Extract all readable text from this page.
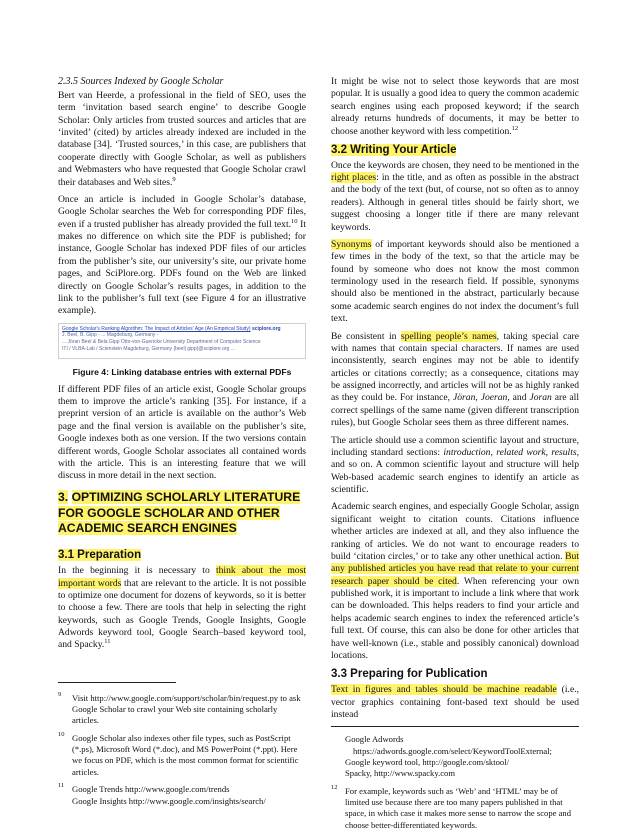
2.3.5 Sources Indexed by Google Scholar

Bert van Heerde, a professional in the field of SEO, uses the term ‘invitation based search engine’ to describe Google Scholar: Only articles from trusted sources and articles that are ‘invited’ (cited) by articles already indexed are included in the database [34]. ‘Trusted sources,’ in this case, are publishers that cooperate directly with Google Scholar, as well as publishers and Webmasters who have requested that Google Scholar crawl their databases and Web sites.$^9$

Once an article is included in Google Scholar’s database, Google Scholar searches the Web for corresponding PDF files, even if a trusted publisher has already provided the full text.$^{10}$ It makes no difference on which site the PDF is published; for instance, Google Scholar has indexed PDF files of our articles from the publisher’s site, our university’s site, our private home pages, and SciPlore.org. PDFs found on the Web are linked directly on Google Scholar’s results pages, in addition to the link to the publisher’s full text (see Figure 4 for an illustrative example).

Google Scholar's Ranking Algorithm: The Impact of Articles' Age (An Empirical Study) sciplore.org
J. Beel, B. Gipp - ... Magdeburg, Germany -
... Jöran Beel & Bela Gipp Otto-von-Guericke University Department of Computer Science
ITI / VLBA-Lab / Scienstein Magdeburg, Germany {beel| gipp}@sciplore.org ...
Figure 4: Linking database entries with external PDFs

If different PDF files of an article exist, Google Scholar groups them to improve the article’s ranking [35]. For instance, if a preprint version of an article is available on the author’s Web page and the final version is available on the publisher’s site, Google indexes both as one version. If the two versions contain different words, Google Scholar associates all contained words with the article. This is an interesting feature that we will discuss in more detail in the next section.

3. OPTIMIZING SCHOLARLY LITERATURE FOR GOOGLE SCHOLAR AND OTHER ACADEMIC SEARCH ENGINES
3.1 Preparation

In the beginning it is necessary to think about the most important words that are relevant to the article. It is not possible to optimize one document for dozens of keywords, so it is better to choose a few. There are tools that help in selecting the right keywords, such as Google Trends, Google Insights, Google Adwords keyword tool, Google Search–based keyword tool, and Spacky.$^{11}$

9 Visit http://www.google.com/support/scholar/bin/request.py to ask Google Scholar to crawl your Web site containing scholarly articles.
10 Google Scholar also indexes other file types, such as PostScript (*.ps), Microsoft Word (*.doc), and MS PowerPoint (*.ppt). Here we focus on PDF, which is the most common format for scientific articles.
11 Google Trends http://www.google.com/trends
Google Insights http://www.google.com/insights/search/

It might be wise not to select those keywords that are most popular. It is usually a good idea to query the common academic search engines using each proposed keyword; if the search already returns hundreds of documents, it may be better to choose another keyword with less competition.$^{12}$

3.2 Writing Your Article

Once the keywords are chosen, they need to be mentioned in the right places: in the title, and as often as possible in the abstract and the body of the text (but, of course, not so often as to annoy readers). Although in general titles should be fairly short, we suggest choosing a longer title if there are many relevant keywords.

Synonyms of important keywords should also be mentioned a few times in the body of the text, so that the article may be found by someone who does not know the most common terminology used in the research field. If possible, synonyms should also be mentioned in the abstract, particularly because some academic search engines do not index the document’s full text.

Be consistent in spelling people’s names, taking special care with names that contain special characters. If names are used inconsistently, search engines may not be able to identify articles or citations correctly; as a consequence, citations may be assigned incorrectly, and articles will not be as highly ranked as they could be. For instance, Jöran, Joeran, and Joran are all correct spellings of the same name (given different transcription rules), but Google Scholar sees them as three different names.

The article should use a common scientific layout and structure, including standard sections: introduction, related work, results, and so on. A common scientific layout and structure will help Web-based academic search engines to identify an article as scientific.

Academic search engines, and especially Google Scholar, assign significant weight to citation counts. Citations influence whether articles are indexed at all, and they also influence the ranking of articles. We do not want to encourage readers to build ‘citation circles,’ or to take any other unethical action. But any published articles you have read that relate to your current research paper should be cited. When referencing your own published work, it is important to include a link where that work can be downloaded. This helps readers to find your article and helps academic search engines to index the referenced article’s full text. Of course, this can also be done for other articles that have well-known (i.e., stable and possibly canonical) download locations.

3.3 Preparing for Publication

Text in figures and tables should be machine readable (i.e., vector graphics containing font-based text should be used instead

Google Adwords

https://adwords.google.com/select/KeywordToolExternal;
Google keyword tool, http://google.com/sktool/
Spacky, http://www.spacky.com
12 For example, keywords such as ‘Web’ and ‘HTML’ may be of limited use because there are too many papers published in that space, in which case it makes more sense to narrow the scope and choose better-differentiated keywords.
